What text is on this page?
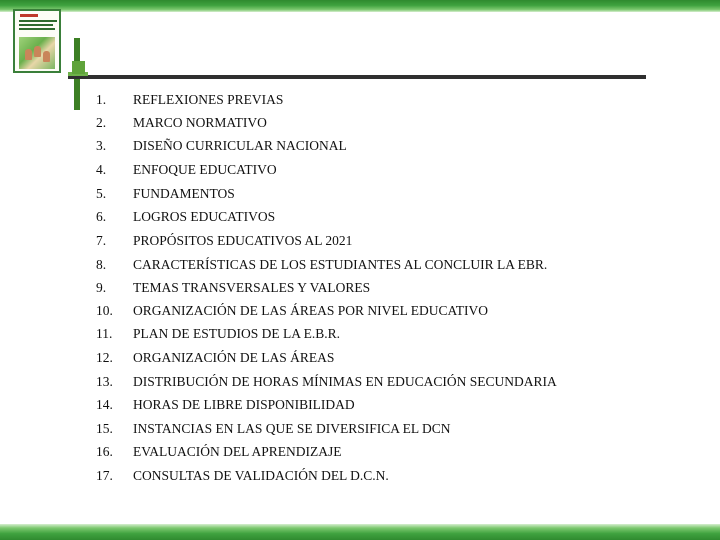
1.	REFLEXIONES PREVIAS
2.	MARCO NORMATIVO
3.	DISEÑO CURRICULAR NACIONAL
4.	ENFOQUE EDUCATIVO
5.	FUNDAMENTOS
6.	LOGROS EDUCATIVOS
7.	PROPÓSITOS EDUCATIVOS AL 2021
8.	CARACTERÍSTICAS DE LOS ESTUDIANTES AL CONCLUIR LA EBR.
9.	TEMAS TRANSVERSALES Y VALORES
10.	ORGANIZACIÓN DE LAS ÁREAS POR NIVEL EDUCATIVO
11.	PLAN DE ESTUDIOS DE LA E.B.R.
12.	ORGANIZACIÓN DE LAS ÁREAS
13.	DISTRIBUCIÓN DE HORAS MÍNIMAS EN EDUCACIÓN SECUNDARIA
14.	HORAS DE LIBRE DISPONIBILIDAD
15.	INSTANCIAS EN LAS QUE SE DIVERSIFICA EL DCN
16.	EVALUACIÓN DEL APRENDIZAJE
17.	CONSULTAS DE VALIDACIÓN DEL D.C.N.
